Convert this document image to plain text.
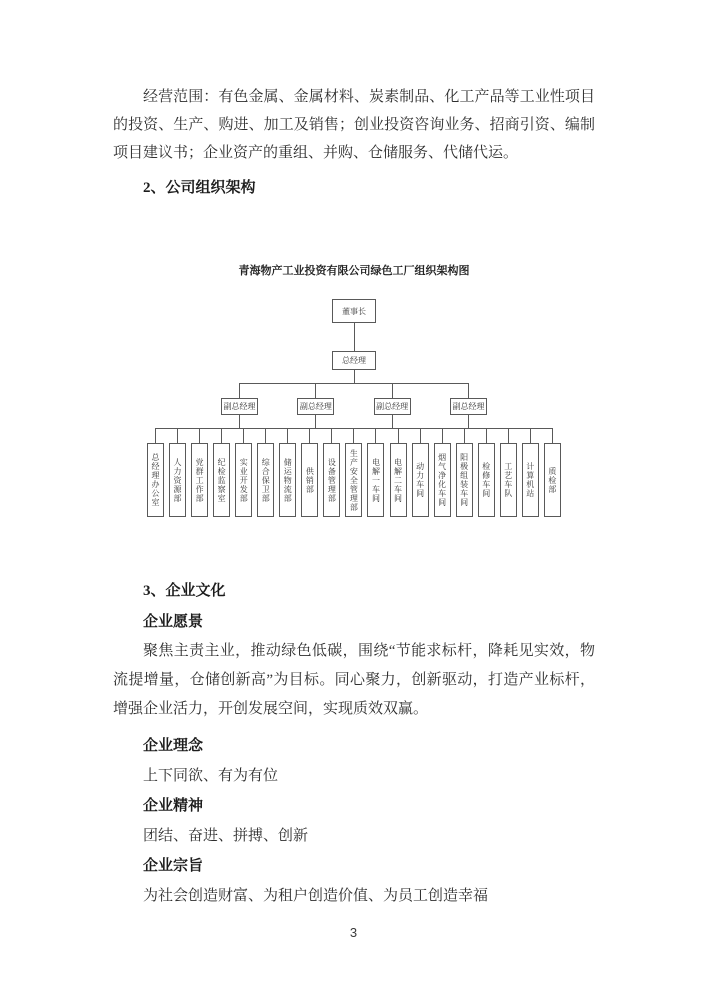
经营范围：有色金属、金属材料、炭素制品、化工产品等工业性项目的投资、生产、购进、加工及销售；创业投资咨询业务、招商引资、编制项目建议书；企业资产的重组、并购、仓储服务、代储代运。

2、公司组织架构
青海物产工业投资有限公司绿色工厂组织架构图
董事长
总经理
副总经理	副总经理	副总经理	副总经理
总经理办公室	人力资源部	党群工作部	纪检监察室	实业开发部	综合保卫部	储运物流部	供销部	设备管理部	生产安全管理部	电解一车间	电解二车间	动力车间	烟气净化车间	阳极组装车间	检修车间	工艺车队	计算机站	质检部
3、企业文化
企业愿景

聚焦主责主业，推动绿色低碳，围绕“节能求标杆，降耗见实效，物流提增量，仓储创新高”为目标。同心聚力，创新驱动，打造产业标杆，增强企业活力，开创发展空间，实现质效双赢。

企业理念

上下同欲、有为有位

企业精神

团结、奋进、拼搏、创新

企业宗旨

为社会创造财富、为租户创造价值、为员工创造幸福

3
